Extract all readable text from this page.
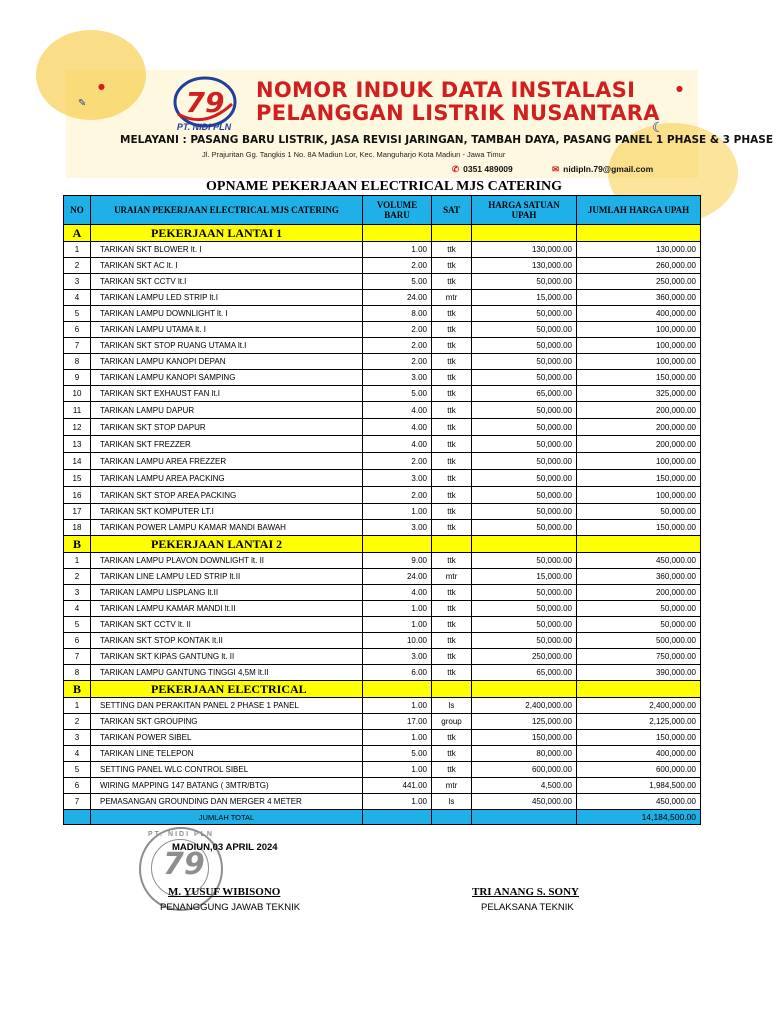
✎
●
☾
●
79
PT. NIDI PLN
NOMOR INDUK DATA INSTALASI
PELANGGAN LISTRIK NUSANTARA
MELAYANI : PASANG BARU LISTRIK, JASA REVISI JARINGAN, TAMBAH DAYA, PASANG PANEL 1 PHASE & 3 PHASE
Jl. Prajuritan Gg. Tangkis 1 No. 8A Madiun Lor, Kec. Manguharjo Kota Madiun - Jawa Timur
✆ 0351 489009	✉ nidipln.79@gmail.com
OPNAME PEKERJAAN ELECTRICAL MJS CATERING
NO	URAIAN PEKERJAAN ELECTRICAL MJS CATERING	VOLUME BARU	SAT	HARGA SATUAN UPAH	JUMLAH HARGA UPAH
A	PEKERJAAN LANTAI 1				
1	TARIKAN SKT BLOWER lt. I	1.00	ttk	130,000.00	130,000.00
2	TARIKAN SKT AC lt. I	2.00	ttk	130,000.00	260,000.00
3	TARIKAN SKT CCTV lt.I	5.00	ttk	50,000.00	250,000.00
4	TARIKAN LAMPU LED STRIP lt.I	24.00	mtr	15,000.00	360,000.00
5	TARIKAN LAMPU DOWNLIGHT lt. I	8.00	ttk	50,000.00	400,000.00
6	TARIKAN LAMPU UTAMA lt. I	2.00	ttk	50,000.00	100,000.00
7	TARIKAN SKT STOP RUANG UTAMA lt.I	2.00	ttk	50,000.00	100,000.00
8	TARIKAN LAMPU KANOPI DEPAN	2.00	ttk	50,000.00	100,000.00
9	TARIKAN LAMPU KANOPI SAMPING	3.00	ttk	50,000.00	150,000.00
10	TARIKAN SKT EXHAUST FAN lt.I	5.00	ttk	65,000.00	325,000.00
11	TARIKAN LAMPU DAPUR	4.00	ttk	50,000.00	200,000.00
12	TARIKAN SKT STOP DAPUR	4.00	ttk	50,000.00	200,000.00
13	TARIKAN SKT FREZZER	4.00	ttk	50,000.00	200,000.00
14	TARIKAN LAMPU AREA FREZZER	2.00	ttk	50,000.00	100,000.00
15	TARIKAN LAMPU AREA PACKING	3.00	ttk	50,000.00	150,000.00
16	TARIKAN SKT STOP AREA PACKING	2.00	ttk	50,000.00	100,000.00
17	TARIKAN SKT KOMPUTER LT.I	1.00	ttk	50,000.00	50,000.00
18	TARIKAN POWER LAMPU KAMAR MANDI BAWAH	3.00	ttk	50,000.00	150,000.00
B	PEKERJAAN LANTAI 2				
1	TARIKAN LAMPU PLAVON DOWNLIGHT lt. II	9.00	ttk	50,000.00	450,000.00
2	TARIKAN LINE LAMPU LED STRIP lt.II	24.00	mtr	15,000.00	360,000.00
3	TARIKAN LAMPU LISPLANG lt.II	4.00	ttk	50,000.00	200,000.00
4	TARIKAN LAMPU KAMAR MANDI lt.II	1.00	ttk	50,000.00	50,000.00
5	TARIKAN SKT CCTV lt. II	1.00	ttk	50,000.00	50,000.00
6	TARIKAN SKT STOP KONTAK lt.II	10.00	ttk	50,000.00	500,000.00
7	TARIKAN SKT KIPAS GANTUNG lt. II	3.00	ttk	250,000.00	750,000.00
8	TARIKAN LAMPU GANTUNG TINGGI 4,5M lt.II	6.00	ttk	65,000.00	390,000.00
B	PEKERJAAN ELECTRICAL				
1	SETTING DAN PERAKITAN PANEL 2 PHASE 1 PANEL	1.00	ls	2,400,000.00	2,400,000.00
2	TARIKAN SKT GROUPING	17.00	group	125,000.00	2,125,000.00
3	TARIKAN POWER SIBEL	1.00	ttk	150,000.00	150,000.00
4	TARIKAN LINE TELEPON	5.00	ttk	80,000.00	400,000.00
5	SETTING PANEL WLC CONTROL SIBEL	1.00	ttk	600,000.00	600,000.00
6	WIRING MAPPING 147 BATANG ( 3MTR/BTG)	441.00	mtr	4,500.00	1,984,500.00
7	PEMASANGAN GROUNDING DAN MERGER 4 METER	1.00	ls	450,000.00	450,000.00
	JUMLAH TOTAL				14,184,500.00
PT. NIDI PLN
79
MADIUN,03 APRIL 2024
M. YUSUF WIBISONO
PENANGGUNG JAWAB TEKNIK
TRI ANANG S. SONY
PELAKSANA TEKNIK
